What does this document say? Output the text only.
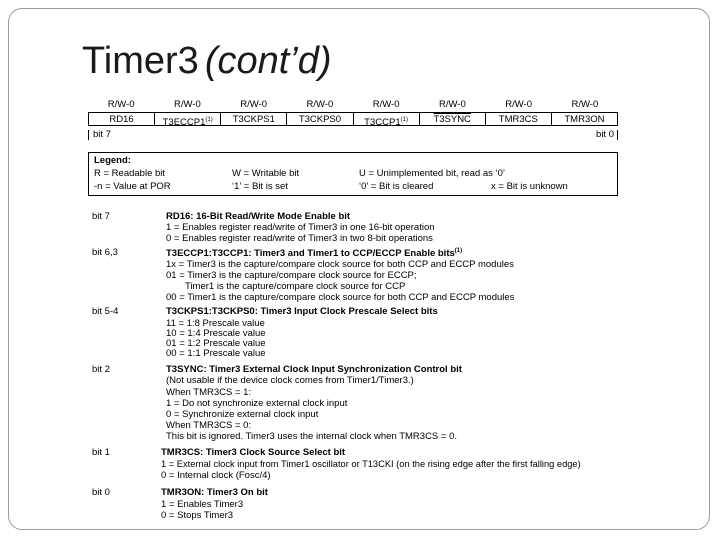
Timer3 (cont’d)
R/W-0	R/W-0	R/W-0	R/W-0	R/W-0	R/W-0	R/W-0	R/W-0
RD16	T3ECCP1$^{(1)}$	T3CKPS1	T3CKPS0	T3CCP1$^{(1)}$	T3SYNC	TMR3CS	TMR3ON
bit 7	bit 0
Legend:
R = Readable bit	W = Writable bit	U = Unimplemented bit, read as ‘0’
-n = Value at POR	‘1’ = Bit is set	‘0’ = Bit is cleared	x = Bit is unknown
bit 7	RD16: 16-Bit Read/Write Mode Enable bit
1 = Enables register read/write of Timer3 in one 16-bit operation
0 = Enables register read/write of Timer3 in two 8-bit operations
bit 6,3	T3ECCP1:T3CCP1: Timer3 and Timer1 to CCP/ECCP Enable bits$^{(1)}$
1x = Timer3 is the capture/compare clock source for both CCP and ECCP modules
01 = Timer3 is the capture/compare clock source for ECCP;
Timer1 is the capture/compare clock source for CCP
00 = Timer1 is the capture/compare clock source for both CCP and ECCP modules
bit 5-4	T3CKPS1:T3CKPS0: Timer3 Input Clock Prescale Select bits
11 = 1:8 Prescale value
10 = 1:4 Prescale value
01 = 1:2 Prescale value
00 = 1:1 Prescale value
bit 2	T3SYNC: Timer3 External Clock Input Synchronization Control bit
(Not usable if the device clock comes from Timer1/Timer3.)
When TMR3CS = 1:
1 = Do not synchronize external clock input
0 = Synchronize external clock input
When TMR3CS = 0:
This bit is ignored. Timer3 uses the internal clock when TMR3CS = 0.
bit 1	TMR3CS: Timer3 Clock Source Select bit
1 = External clock input from Timer1 oscillator or T13CKI (on the rising edge after the first falling edge)
0 = Internal clock (Fosc/4)
bit 0	TMR3ON: Timer3 On bit
1 = Enables Timer3
0 = Stops Timer3
